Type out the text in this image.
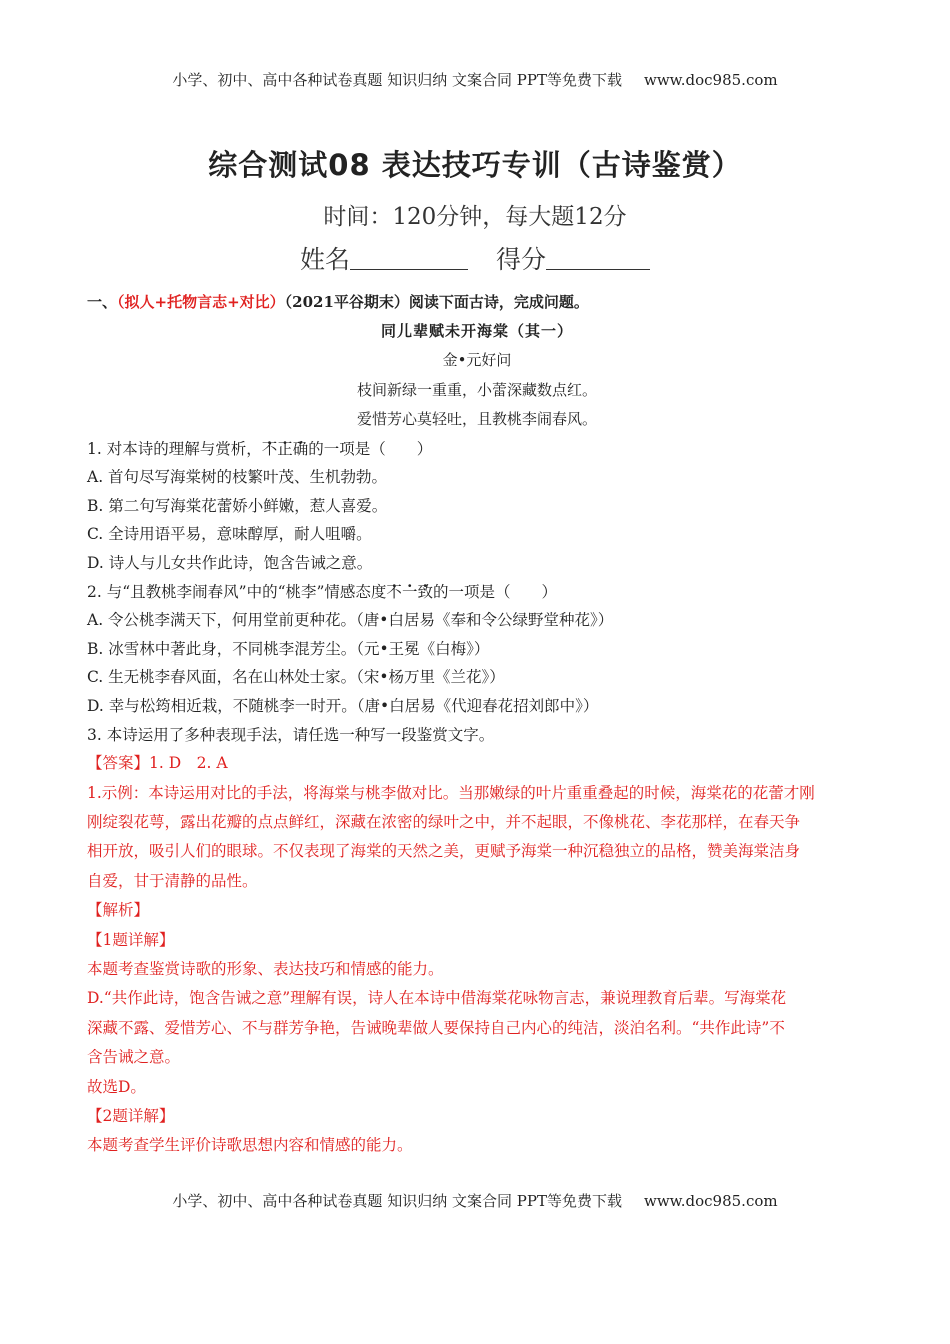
小学、初中、高中各种试卷真题 知识归纳 文案合同 PPT等免费下载 www.doc985.com
综合测试08 表达技巧专训（古诗鉴赏）
时间：120分钟，每大题12分
姓名	得分
一、（拟人+托物言志+对比）（2021平谷期末）阅读下面古诗，完成问题。
同儿辈赋未开海棠（其一）
金•元好问
枝间新绿一重重，小蕾深藏数点红。
爱惜芳心莫轻吐，且教桃李闹春风。
1. 对本诗的理解与赏析，不正确的一项是（　　）
A. 首句尽写海棠树的枝繁叶茂、生机勃勃。
B. 第二句写海棠花蕾娇小鲜嫩，惹人喜爱。
C. 全诗用语平易，意味醇厚，耐人咀嚼。
D. 诗人与儿女共作此诗，饱含告诫之意。
2. 与“且教桃李闹春风”中的“桃李”情感态度不一致的一项是（　　）
A. 令公桃李满天下，何用堂前更种花。（唐•白居易《奉和令公绿野堂种花》）
B. 冰雪林中著此身，不同桃李混芳尘。（元•王冕《白梅》）
C. 生无桃李春风面，名在山林处士家。（宋•杨万里《兰花》）
D. 幸与松筠相近栽，不随桃李一时开。（唐•白居易《代迎春花招刘郎中》）
3. 本诗运用了多种表现手法，请任选一种写一段鉴赏文字。
【答案】1. D　2. A
1.示例：本诗运用对比的手法，将海棠与桃李做对比。当那嫩绿的叶片重重叠起的时候，海棠花的花蕾才刚
刚绽裂花萼，露出花瓣的点点鲜红，深藏在浓密的绿叶之中，并不起眼，不像桃花、李花那样，在春天争
相开放，吸引人们的眼球。不仅表现了海棠的天然之美，更赋予海棠一种沉稳独立的品格，赞美海棠洁身
自爱，甘于清静的品性。
【解析】
【1题详解】
本题考查鉴赏诗歌的形象、表达技巧和情感的能力。
D.“共作此诗，饱含告诫之意”理解有误，诗人在本诗中借海棠花咏物言志，兼说理教育后辈。写海棠花
深藏不露、爱惜芳心、不与群芳争艳，告诫晚辈做人要保持自己内心的纯洁，淡泊名利。“共作此诗”不
含告诫之意。
故选D。
【2题详解】
本题考查学生评价诗歌思想内容和情感的能力。
小学、初中、高中各种试卷真题 知识归纳 文案合同 PPT等免费下载 www.doc985.com
